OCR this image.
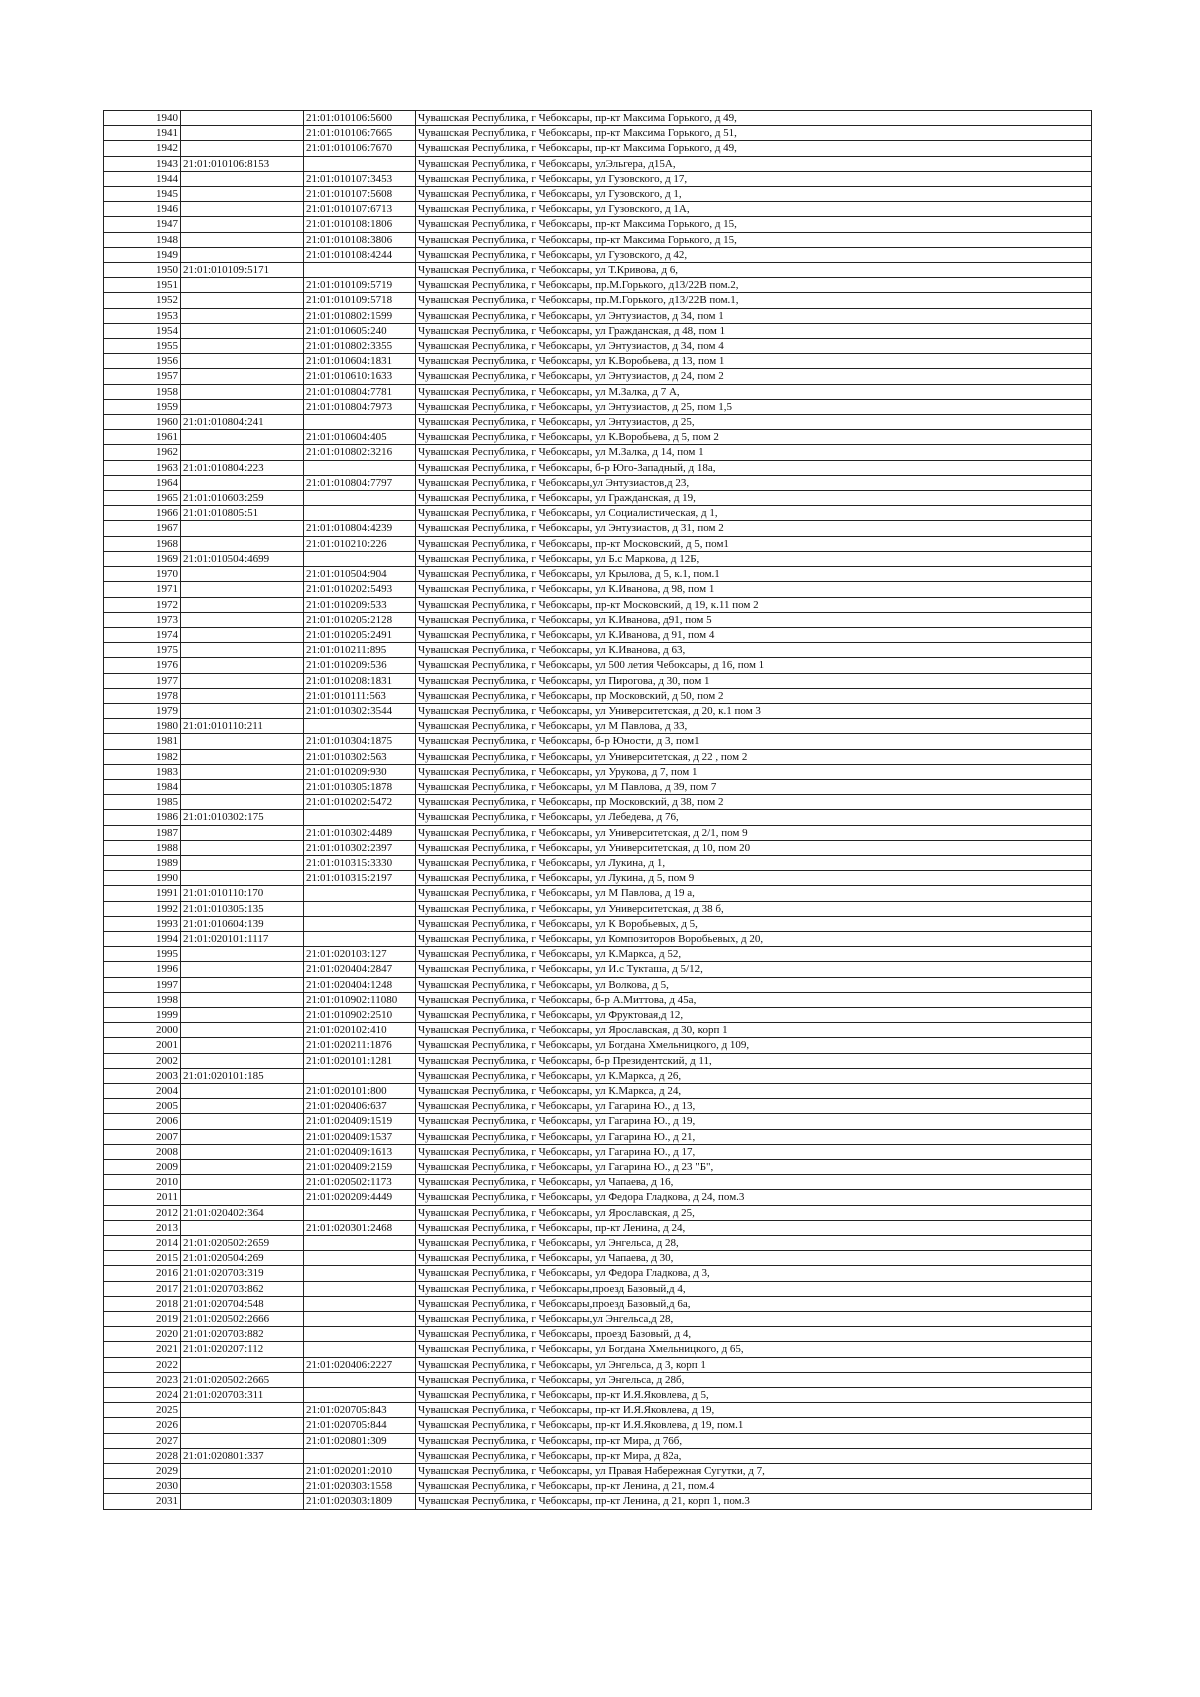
1940		21:01:010106:5600	Чувашская Республика, г Чебоксары, пр-кт Максима Горького, д 49,
1941		21:01:010106:7665	Чувашская Республика, г Чебоксары, пр-кт Максима Горького, д 51,
1942		21:01:010106:7670	Чувашская Республика, г Чебоксары, пр-кт Максима Горького, д 49,
1943	21:01:010106:8153		Чувашская Республика, г Чебоксары, улЭльгера, д15А,
1944		21:01:010107:3453	Чувашская Республика, г Чебоксары, ул Гузовского, д 17,
1945		21:01:010107:5608	Чувашская Республика, г Чебоксары, ул Гузовского, д 1,
1946		21:01:010107:6713	Чувашская Республика, г Чебоксары, ул Гузовского, д 1А,
1947		21:01:010108:1806	Чувашская Республика, г Чебоксары, пр-кт Максима Горького, д 15,
1948		21:01:010108:3806	Чувашская Республика, г Чебоксары, пр-кт Максима Горького, д 15,
1949		21:01:010108:4244	Чувашская Республика, г Чебоксары, ул Гузовского, д 42,
1950	21:01:010109:5171		Чувашская Республика, г Чебоксары, ул Т.Кривова, д 6,
1951		21:01:010109:5719	Чувашская Республика, г Чебоксары, пр.М.Горького, д13/22В пом.2,
1952		21:01:010109:5718	Чувашская Республика, г Чебоксары, пр.М.Горького, д13/22В пом.1,
1953		21:01:010802:1599	Чувашская Республика, г Чебоксары, ул Энтузиастов, д 34, пом 1
1954		21:01:010605:240	Чувашская Республика, г Чебоксары, ул Гражданская, д 48, пом 1
1955		21:01:010802:3355	Чувашская Республика, г Чебоксары, ул Энтузиастов, д 34, пом 4
1956		21:01:010604:1831	Чувашская Республика, г Чебоксары, ул К.Воробьева, д 13, пом 1
1957		21:01:010610:1633	Чувашская Республика, г Чебоксары, ул Энтузиастов, д 24, пом 2
1958		21:01:010804:7781	Чувашская Республика, г Чебоксары, ул М.Залка, д 7 А,
1959		21:01:010804:7973	Чувашская Республика, г Чебоксары, ул Энтузиастов, д 25, пом 1,5
1960	21:01:010804:241		Чувашская Республика, г Чебоксары, ул Энтузиастов, д 25,
1961		21:01:010604:405	Чувашская Республика, г Чебоксары, ул К.Воробьева, д 5, пом 2
1962		21:01:010802:3216	Чувашская Республика, г Чебоксары, ул М.Залка, д 14, пом 1
1963	21:01:010804:223		Чувашская Республика, г Чебоксары, б-р Юго-Западный, д 18а,
1964		21:01:010804:7797	Чувашская Республика, г Чебоксары,ул Энтузиастов,д 23,
1965	21:01:010603:259		Чувашская Республика, г Чебоксары, ул Гражданская, д 19,
1966	21:01:010805:51		Чувашская Республика, г Чебоксары, ул Социалистическая, д 1,
1967		21:01:010804:4239	Чувашская Республика, г Чебоксары, ул Энтузиастов, д 31, пом 2
1968		21:01:010210:226	Чувашская Республика, г Чебоксары, пр-кт Московский, д 5, пом1
1969	21:01:010504:4699		Чувашская Республика, г Чебоксары, ул Б.с Маркова, д 12Б,
1970		21:01:010504:904	Чувашская Республика, г Чебоксары, ул Крылова, д 5, к.1, пом.1
1971		21:01:010202:5493	Чувашская Республика, г Чебоксары, ул К.Иванова, д 98, пом 1
1972		21:01:010209:533	Чувашская Республика, г Чебоксары, пр-кт Московский, д 19, к.11 пом 2
1973		21:01:010205:2128	Чувашская Республика, г Чебоксары, ул К.Иванова, д91, пом 5
1974		21:01:010205:2491	Чувашская Республика, г Чебоксары, ул К.Иванова, д 91, пом 4
1975		21:01:010211:895	Чувашская Республика, г Чебоксары, ул К.Иванова, д 63,
1976		21:01:010209:536	Чувашская Республика, г Чебоксары, ул 500 летия Чебоксары, д 16, пом 1
1977		21:01:010208:1831	Чувашская Республика, г Чебоксары, ул Пирогова, д 30, пом 1
1978		21:01:010111:563	Чувашская Республика, г Чебоксары, пр Московский, д 50, пом 2
1979		21:01:010302:3544	Чувашская Республика, г Чебоксары, ул Университетская, д 20, к.1 пом 3
1980	21:01:010110:211		Чувашская Республика, г Чебоксары, ул М Павлова, д 33,
1981		21:01:010304:1875	Чувашская Республика, г Чебоксары, б-р Юности, д 3, пом1
1982		21:01:010302:563	Чувашская Республика, г Чебоксары, ул Университетская, д 22 , пом 2
1983		21:01:010209:930	Чувашская Республика, г Чебоксары, ул Урукова, д 7, пом 1
1984		21:01:010305:1878	Чувашская Республика, г Чебоксары, ул М Павлова, д 39, пом 7
1985		21:01:010202:5472	Чувашская Республика, г Чебоксары, пр Московский, д 38, пом 2
1986	21:01:010302:175		Чувашская Республика, г Чебоксары, ул Лебедева, д 76,
1987		21:01:010302:4489	Чувашская Республика, г Чебоксары, ул Университетская, д 2/1, пом 9
1988		21:01:010302:2397	Чувашская Республика, г Чебоксары, ул Университетская, д 10, пом 20
1989		21:01:010315:3330	Чувашская Республика, г Чебоксары, ул Лукина, д 1,
1990		21:01:010315:2197	Чувашская Республика, г Чебоксары, ул Лукина, д 5, пом 9
1991	21:01:010110:170		Чувашская Республика, г Чебоксары, ул М Павлова, д 19 а,
1992	21:01:010305:135		Чувашская Республика, г Чебоксары, ул Университетская, д 38 б,
1993	21:01:010604:139		Чувашская Республика, г Чебоксары, ул К Воробьевых, д 5,
1994	21:01:020101:1117		Чувашская Республика, г Чебоксары, ул Композиторов Воробьевых, д 20,
1995		21:01:020103:127	Чувашская Республика, г Чебоксары, ул К.Маркса, д 52,
1996		21:01:020404:2847	Чувашская Республика, г Чебоксары, ул И.с Тукташа, д 5/12,
1997		21:01:020404:1248	Чувашская Республика, г Чебоксары, ул Волкова, д 5,
1998		21:01:010902:11080	Чувашская Республика, г Чебоксары, б-р А.Миттова, д 45а,
1999		21:01:010902:2510	Чувашская Республика, г Чебоксары, ул Фруктовая,д 12,
2000		21:01:020102:410	Чувашская Республика, г Чебоксары, ул Ярославская, д 30, корп 1
2001		21:01:020211:1876	Чувашская Республика, г Чебоксары, ул Богдана Хмельницкого, д 109,
2002		21:01:020101:1281	Чувашская Республика, г Чебоксары, б-р Президентский, д 11,
2003	21:01:020101:185		Чувашская Республика, г Чебоксары, ул К.Маркса, д 26,
2004		21:01:020101:800	Чувашская Республика, г Чебоксары, ул К.Маркса, д 24,
2005		21:01:020406:637	Чувашская Республика, г Чебоксары, ул Гагарина Ю., д 13,
2006		21:01:020409:1519	Чувашская Республика, г Чебоксары, ул Гагарина Ю., д 19,
2007		21:01:020409:1537	Чувашская Республика, г Чебоксары, ул Гагарина Ю., д 21,
2008		21:01:020409:1613	Чувашская Республика, г Чебоксары, ул Гагарина Ю., д 17,
2009		21:01:020409:2159	Чувашская Республика, г Чебоксары, ул Гагарина Ю., д 23 "Б",
2010		21:01:020502:1173	Чувашская Республика, г Чебоксары, ул Чапаева, д 16,
2011		21:01:020209:4449	Чувашская Республика, г Чебоксары, ул Федора Гладкова, д 24, пом.3
2012	21:01:020402:364		Чувашская Республика, г Чебоксары, ул Ярославская, д 25,
2013		21:01:020301:2468	Чувашская Республика, г Чебоксары, пр-кт Ленина, д 24,
2014	21:01:020502:2659		Чувашская Республика, г Чебоксары, ул Энгельса, д 28,
2015	21:01:020504:269		Чувашская Республика, г Чебоксары, ул Чапаева, д 30,
2016	21:01:020703:319		Чувашская Республика, г Чебоксары, ул Федора Гладкова, д 3,
2017	21:01:020703:862		Чувашская Республика, г Чебоксары,проезд Базовый,д 4,
2018	21:01:020704:548		Чувашская Республика, г Чебоксары,проезд Базовый,д 6а,
2019	21:01:020502:2666		Чувашская Республика, г Чебоксары,ул Энгельса,д 28,
2020	21:01:020703:882		Чувашская Республика, г Чебоксары, проезд Базовый, д 4,
2021	21:01:020207:112		Чувашская Республика, г Чебоксары, ул Богдана Хмельницкого, д 65,
2022		21:01:020406:2227	Чувашская Республика, г Чебоксары, ул Энгельса, д 3, корп 1
2023	21:01:020502:2665		Чувашская Республика, г Чебоксары, ул Энгельса, д 28б,
2024	21:01:020703:311		Чувашская Республика, г Чебоксары, пр-кт И.Я.Яковлева, д 5,
2025		21:01:020705:843	Чувашская Республика, г Чебоксары, пр-кт И.Я.Яковлева, д 19,
2026		21:01:020705:844	Чувашская Республика, г Чебоксары, пр-кт И.Я.Яковлева, д 19, пом.1
2027		21:01:020801:309	Чувашская Республика, г Чебоксары, пр-кт Мира, д 76б,
2028	21:01:020801:337		Чувашская Республика, г Чебоксары, пр-кт Мира, д 82а,
2029		21:01:020201:2010	Чувашская Республика, г Чебоксары, ул Правая Набережная Сугутки, д 7,
2030		21:01:020303:1558	Чувашская Республика, г Чебоксары, пр-кт Ленина, д 21, пом.4
2031		21:01:020303:1809	Чувашская Республика, г Чебоксары, пр-кт Ленина, д 21, корп 1, пом.3
